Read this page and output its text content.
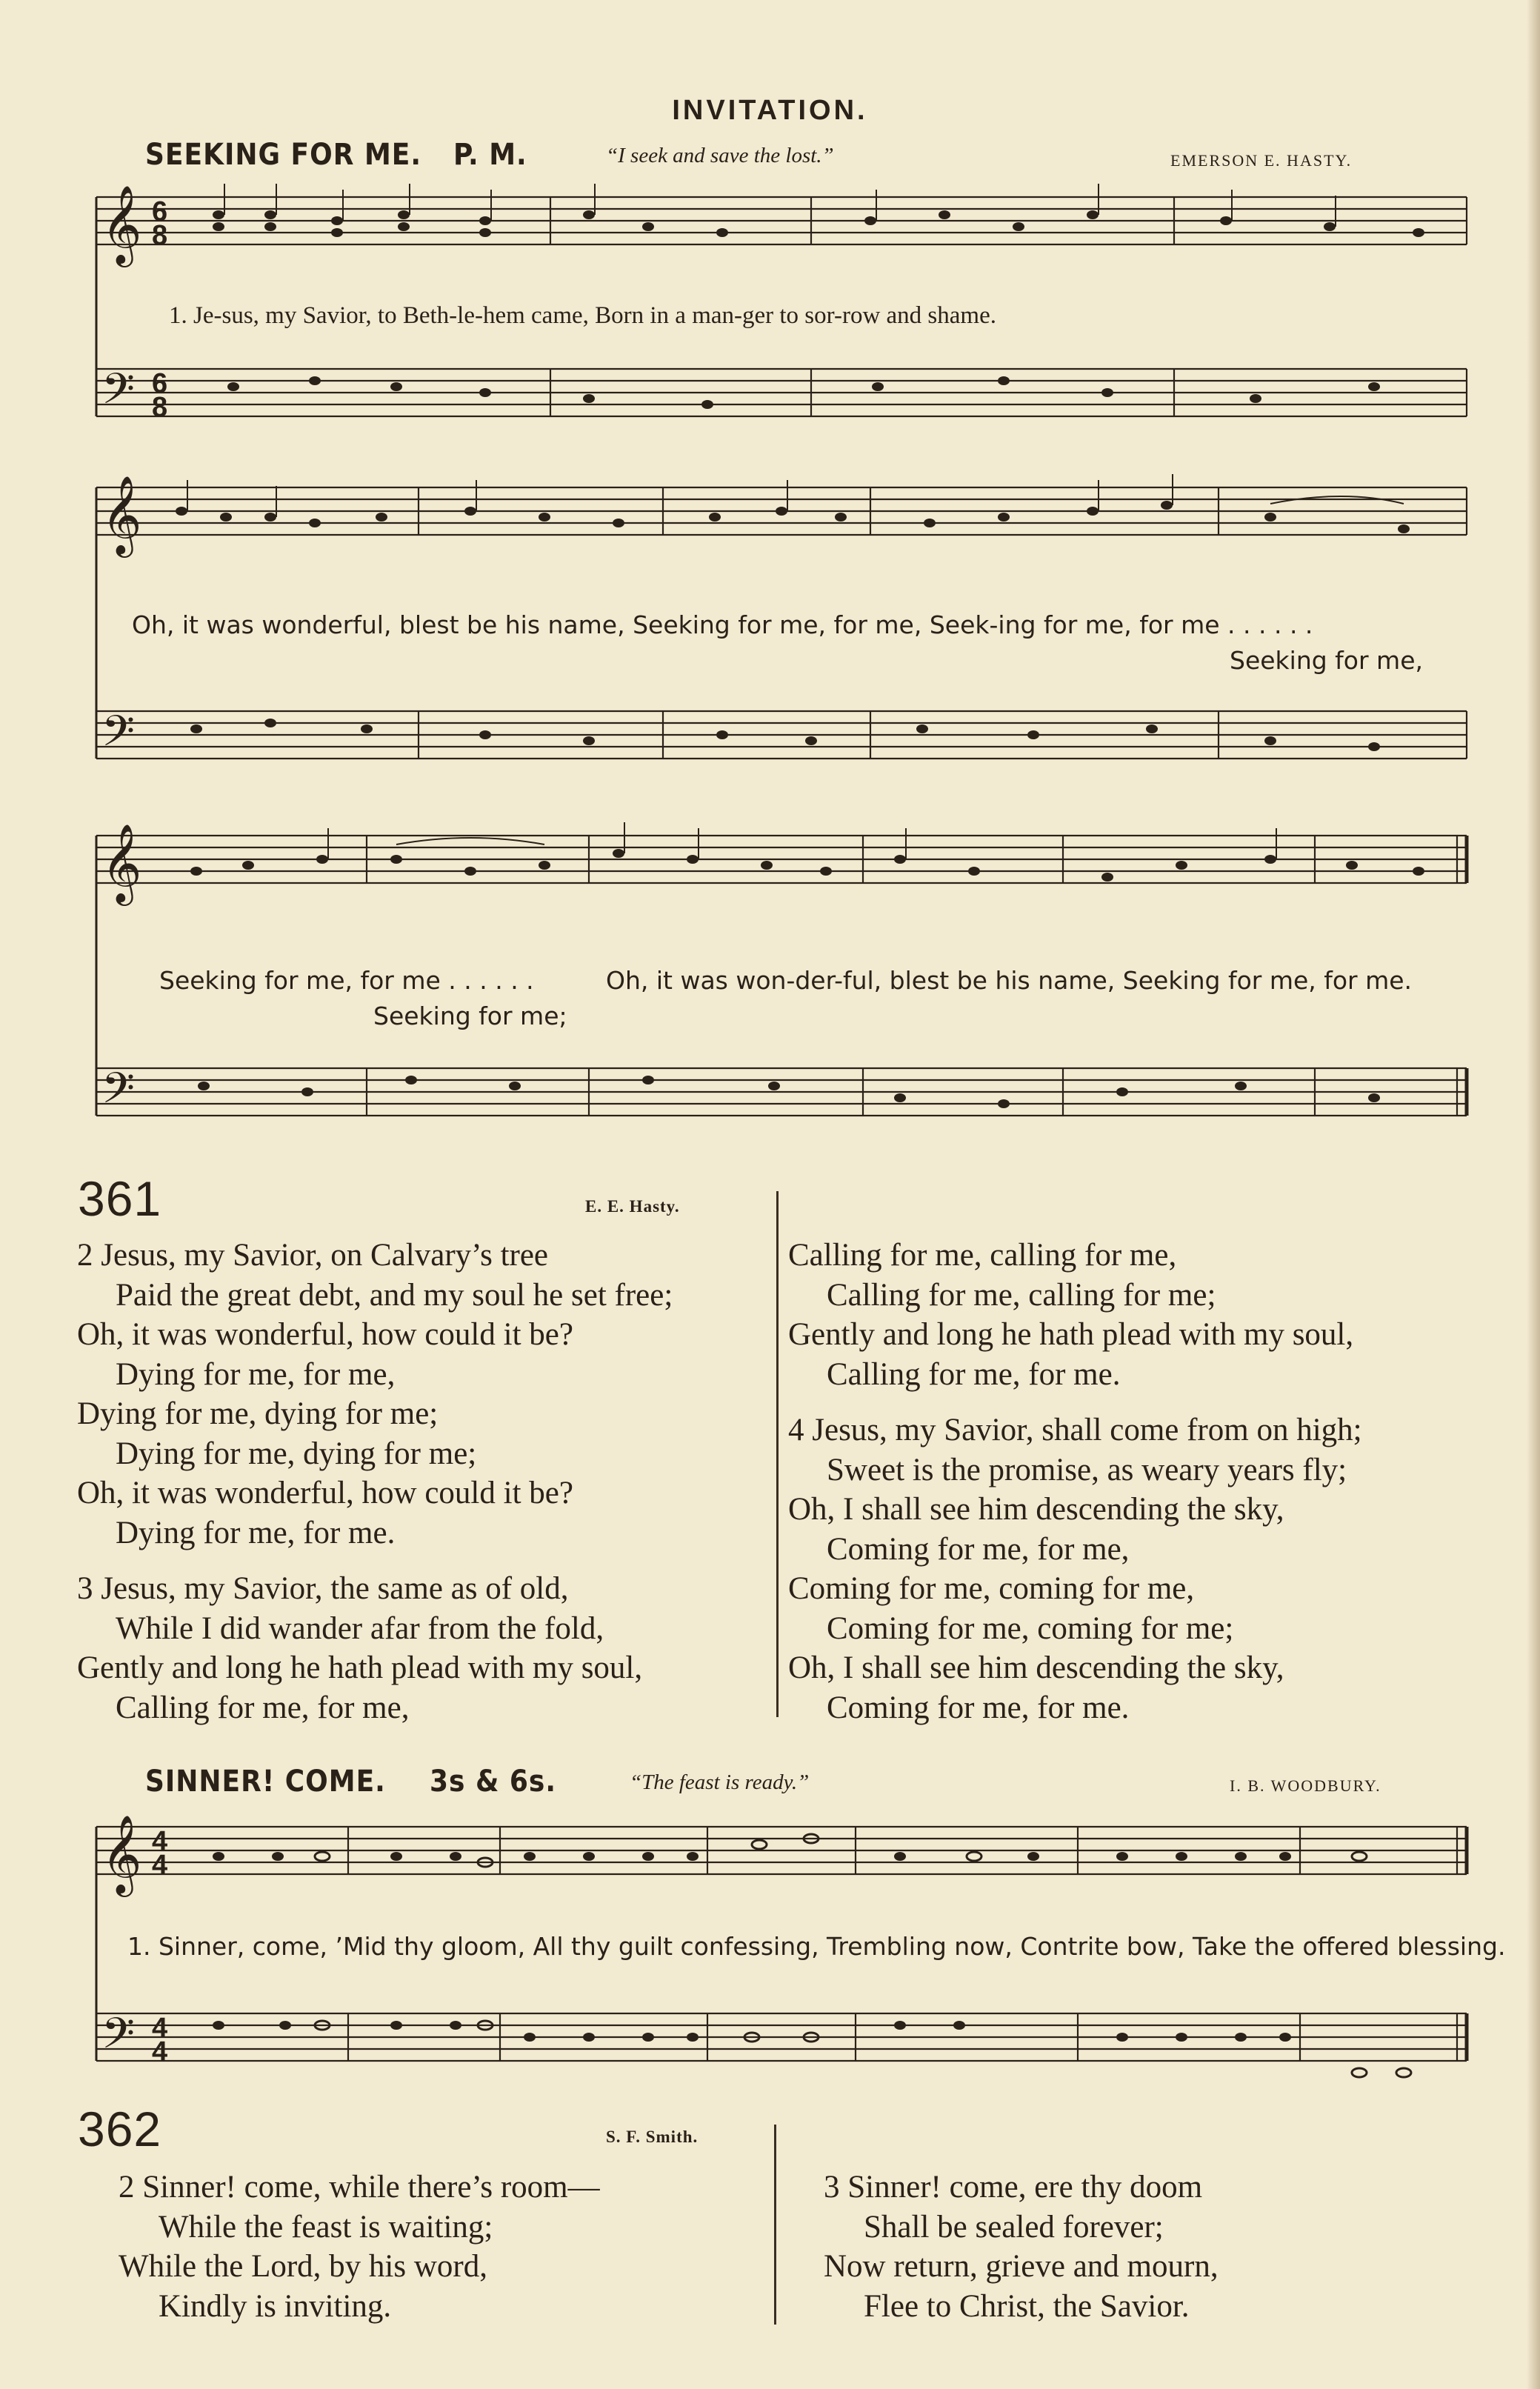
INVITATION.
SEEKING FOR ME. P. M.	“I seek and save the lost.”	EMERSON E. HASTY.
𝄞
𝄢
6
8
6
8
1. Je-sus, my Savior, to Beth-le-hem came, Born in a man-ger to sor-row and shame.
𝄞
𝄢
Oh, it was wonderful, blest be his name, Seeking for me, for me, Seek-ing for me, for me . . . . . .
Seeking for me,
𝄞
𝄢
Seeking for me, for me . . . . . .
Seeking for me;
Oh, it was won-der-ful, blest be his name, Seeking for me, for me.
361	E. E. Hasty.
2 Jesus, my Savior, on Calvary’s tree
Paid the great debt, and my soul he set free;
Oh, it was wonderful, how could it be?
Dying for me, for me,
Dying for me, dying for me;
Dying for me, dying for me;
Oh, it was wonderful, how could it be?
Dying for me, for me.
3 Jesus, my Savior, the same as of old,
While I did wander afar from the fold,
Gently and long he hath plead with my soul,
Calling for me, for me,
Calling for me, calling for me,
Calling for me, calling for me;
Gently and long he hath plead with my soul,
Calling for me, for me.
4 Jesus, my Savior, shall come from on high;
Sweet is the promise, as weary years fly;
Oh, I shall see him descending the sky,
Coming for me, for me,
Coming for me, coming for me,
Coming for me, coming for me;
Oh, I shall see him descending the sky,
Coming for me, for me.
SINNER! COME. 3s & 6s.	“The feast is ready.”	I. B. WOODBURY.
𝄞
𝄢
4
4
4
4
1. Sinner, come, ’Mid thy gloom, All thy guilt confessing, Trembling now, Contrite bow, Take the offered blessing.
362	S. F. Smith.
2 Sinner! come, while there’s room—
While the feast is waiting;
While the Lord, by his word,
Kindly is inviting.
3 Sinner! come, ere thy doom
Shall be sealed forever;
Now return, grieve and mourn,
Flee to Christ, the Savior.
